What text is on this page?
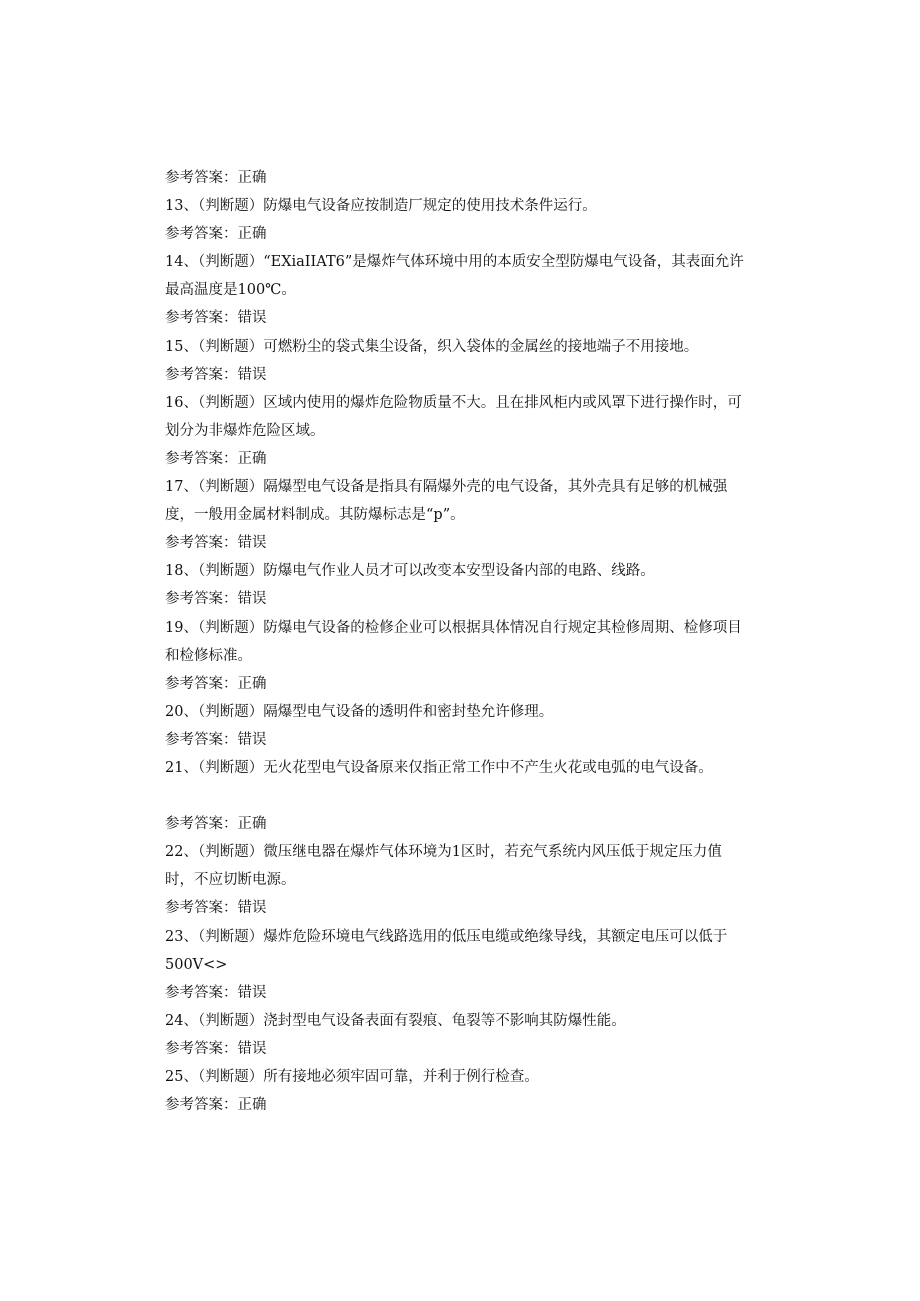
参考答案：正确
13、（判断题）防爆电气设备应按制造厂规定的使用技术条件运行。
参考答案：正确
14、（判断题）“EXiaIIAT6”是爆炸气体环境中用的本质安全型防爆电气设备，其表面允许最高温度是100℃。
参考答案：错误
15、（判断题）可燃粉尘的袋式集尘设备，织入袋体的金属丝的接地端子不用接地。
参考答案：错误
16、（判断题）区域内使用的爆炸危险物质量不大。且在排风柜内或风罩下进行操作时，可划分为非爆炸危险区域。
参考答案：正确
17、（判断题）隔爆型电气设备是指具有隔爆外壳的电气设备，其外壳具有足够的机械强度，一般用金属材料制成。其防爆标志是“p”。
参考答案：错误
18、（判断题）防爆电气作业人员才可以改变本安型设备内部的电路、线路。
参考答案：错误
19、（判断题）防爆电气设备的检修企业可以根据具体情况自行规定其检修周期、检修项目和检修标准。
参考答案：正确
20、（判断题）隔爆型电气设备的透明件和密封垫允许修理。
参考答案：错误
21、（判断题）无火花型电气设备原来仅指正常工作中不产生火花或电弧的电气设备。
参考答案：正确
22、（判断题）微压继电器在爆炸气体环境为1区时，若充气系统内风压低于规定压力值时，不应切断电源。
参考答案：错误
23、（判断题）爆炸危险环境电气线路选用的低压电缆或绝缘导线，其额定电压可以低于500V<>
参考答案：错误
24、（判断题）浇封型电气设备表面有裂痕、龟裂等不影响其防爆性能。
参考答案：错误
25、（判断题）所有接地必须牢固可靠，并利于例行检查。
参考答案：正确
